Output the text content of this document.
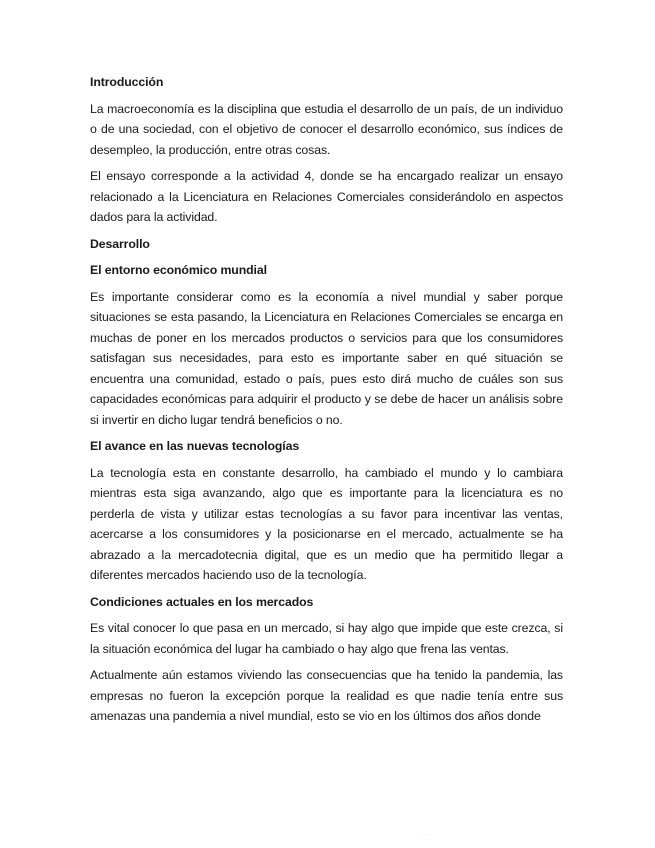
Introducción

La macroeconomía es la disciplina que estudia el desarrollo de un país, de un individuo o de una sociedad, con el objetivo de conocer el desarrollo económico, sus índices de desempleo, la producción, entre otras cosas.

El ensayo corresponde a la actividad 4, donde se ha encargado realizar un ensayo relacionado a la Licenciatura en Relaciones Comerciales considerándolo en aspectos dados para la actividad.

Desarrollo
El entorno económico mundial

Es importante considerar como es la economía a nivel mundial y saber porque situaciones se esta pasando, la Licenciatura en Relaciones Comerciales se encarga en muchas de poner en los mercados productos o servicios para que los consumidores satisfagan sus necesidades, para esto es importante saber en qué situación se encuentra una comunidad, estado o país, pues esto dirá mucho de cuáles son sus capacidades económicas para adquirir el producto y se debe de hacer un análisis sobre si invertir en dicho lugar tendrá beneficios o no.

El avance en las nuevas tecnologías

La tecnología esta en constante desarrollo, ha cambiado el mundo y lo cambiara mientras esta siga avanzando, algo que es importante para la licenciatura es no perderla de vista y utilizar estas tecnologías a su favor para incentivar las ventas, acercarse a los consumidores y la posicionarse en el mercado, actualmente se ha abrazado a la mercadotecnia digital, que es un medio que ha permitido llegar a diferentes mercados haciendo uso de la tecnología.

Condiciones actuales en los mercados

Es vital conocer lo que pasa en un mercado, si hay algo que impide que este crezca, si la situación económica del lugar ha cambiado o hay algo que frena las ventas.

Actualmente aún estamos viviendo las consecuencias que ha tenido la pandemia, las empresas no fueron la excepción porque la realidad es que nadie tenía entre sus amenazas una pandemia a nivel mundial, esto se vio en los últimos dos años donde

···
